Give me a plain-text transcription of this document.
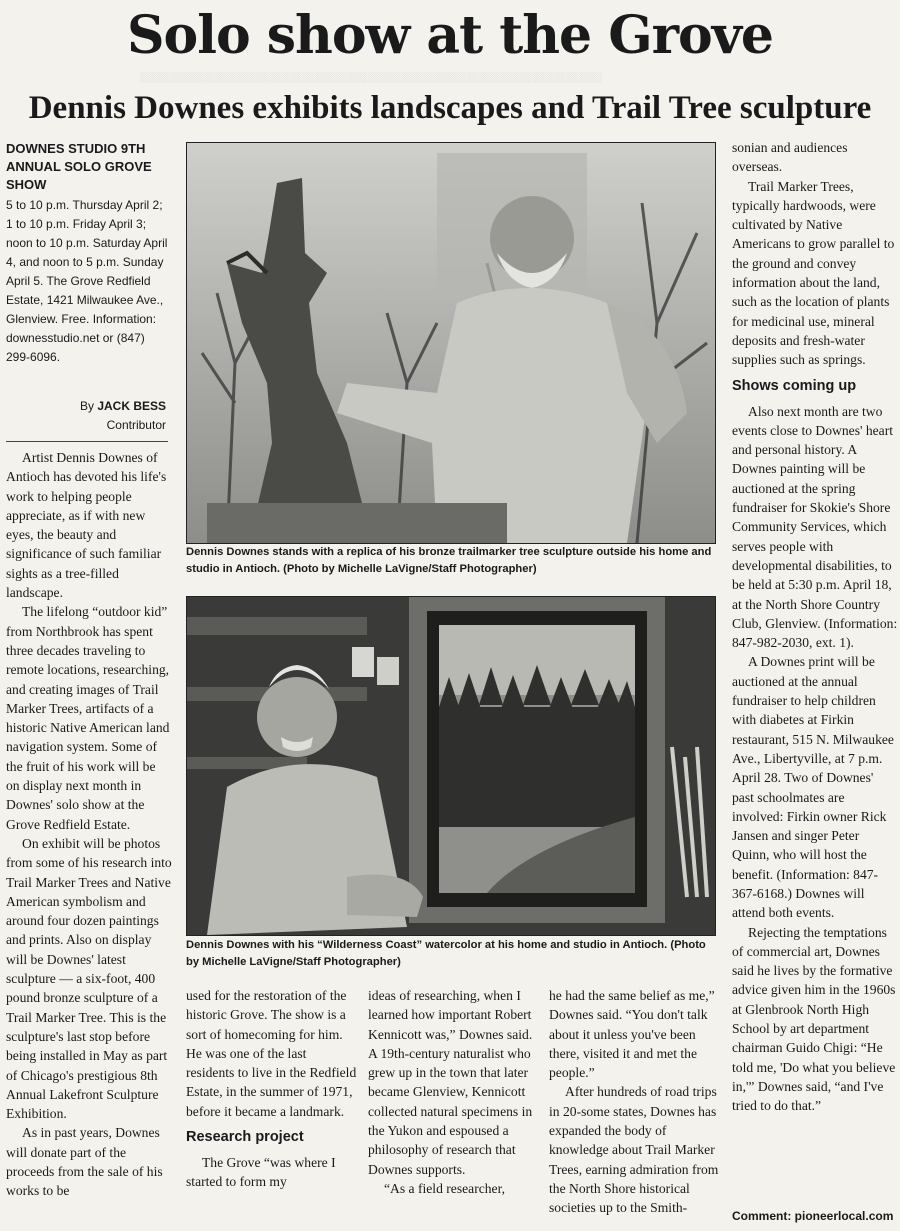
░░░░░░░░░░░░░░░░░░░░░░░░░░░░░░░░░░░░░░░░░░░░░░░░░░░░░░░░░░░░░░░░░░░░░░
Solo show at the Grove
Dennis Downes exhibits landscapes and Trail Tree sculpture
DOWNES STUDIO 9TH ANNUAL SOLO GROVE SHOW

5 to 10 p.m. Thursday April 2; 1 to 10 p.m. Friday April 3; noon to 10 p.m. Saturday April 4, and noon to 5 p.m. Sunday April 5. The Grove Redfield Estate, 1421 Milwaukee Ave., Glenview. Free. Information: downesstudio.net or (847) 299-6096.

By JACK BESS
Contributor

Artist Dennis Downes of Antioch has devoted his life's work to helping people appreciate, as if with new eyes, the beauty and significance of such familiar sights as a tree-filled landscape.

The lifelong “outdoor kid” from Northbrook has spent three decades traveling to remote locations, researching, and creating images of Trail Marker Trees, artifacts of a historic Native American land navigation system. Some of the fruit of his work will be on display next month in Downes' solo show at the Grove Redfield Estate.

On exhibit will be photos from some of his research into Trail Marker Trees and Native American symbolism and around four dozen paintings and prints. Also on display will be Downes' latest sculpture — a six-foot, 400 pound bronze sculpture of a Trail Marker Tree. This is the sculpture's last stop before being installed in May as part of Chicago's prestigious 8th Annual Lakefront Sculpture Exhibition.

As in past years, Downes will donate part of the proceeds from the sale of his works to be

Dennis Downes stands with a replica of his bronze trailmarker tree sculpture outside his home and studio in Antioch. (Photo by Michelle LaVigne/Staff Photographer)

Dennis Downes with his “Wilderness Coast” watercolor at his home and studio in Antioch. (Photo by Michelle LaVigne/Staff Photographer)

used for the restoration of the historic Grove. The show is a sort of homecoming for him. He was one of the last residents to live in the Redfield Estate, in the summer of 1971, before it became a landmark.

Research project

The Grove “was where I started to form my

ideas of researching, when I learned how important Robert Kennicott was,” Downes said. A 19th-century naturalist who grew up in the town that later became Glenview, Kennicott collected natural specimens in the Yukon and espoused a philosophy of research that Downes supports.

“As a field researcher,

he had the same belief as me,” Downes said. “You don't talk about it unless you've been there, visited it and met the people.”

After hundreds of road trips in 20-some states, Downes has expanded the body of knowledge about Trail Marker Trees, earning admiration from the North Shore historical societies up to the Smith-

sonian and audiences overseas.

Trail Marker Trees, typically hardwoods, were cultivated by Native Americans to grow parallel to the ground and convey information about the land, such as the location of plants for medicinal use, mineral deposits and fresh-water supplies such as springs.

Shows coming up

Also next month are two events close to Downes' heart and personal history. A Downes painting will be auctioned at the spring fundraiser for Skokie's Shore Community Services, which serves people with developmental disabilities, to be held at 5:30 p.m. April 18, at the North Shore Country Club, Glenview. (Information: 847-982-2030, ext. 1).

A Downes print will be auctioned at the annual fundraiser to help children with diabetes at Firkin restaurant, 515 N. Milwaukee Ave., Libertyville, at 7 p.m. April 28. Two of Downes' past schoolmates are involved: Firkin owner Rick Jansen and singer Peter Quinn, who will host the benefit. (Information: 847-367-6168.) Downes will attend both events.

Rejecting the temptations of commercial art, Downes said he lives by the formative advice given him in the 1960s at Glenbrook North High School by art department chairman Guido Chigi: “He told me, 'Do what you believe in,'” Downes said, “and I've tried to do that.”

Comment: pioneerlocal.com
